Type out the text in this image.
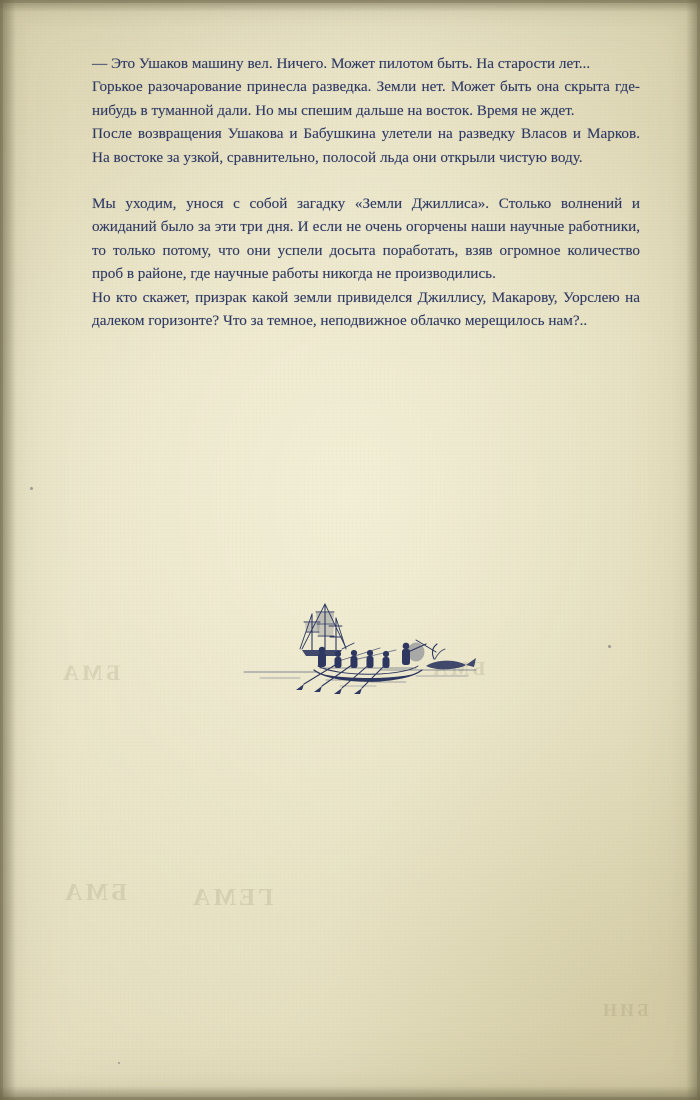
БМА	БМА
БМА	ГЕМА
БИН

— Это Ушаков машину вел. Ничего. Может пилотом быть. На старости лет...

Горькое разочарование принесла разведка. Земли нет. Может быть она скрыта где-нибудь в туманной дали. Но мы спешим дальше на восток. Время не ждет.

После возвращения Ушакова и Бабушкина улетели на разведку Власов и Марков. На востоке за узкой, сравнительно, полосой льда они открыли чистую воду.

Мы уходим, унося с собой загадку «Земли Джиллиса». Столько волнений и ожиданий было за эти три дня. И если не очень огорчены наши научные работники, то только потому, что они успели досыта поработать, взяв огромное количество проб в районе, где научные работы никогда не производились.

Но кто скажет, призрак какой земли привиделся Джиллису, Макарову, Уорслею на далеком горизонте? Что за темное, неподвижное облачко мерещилось нам?..
